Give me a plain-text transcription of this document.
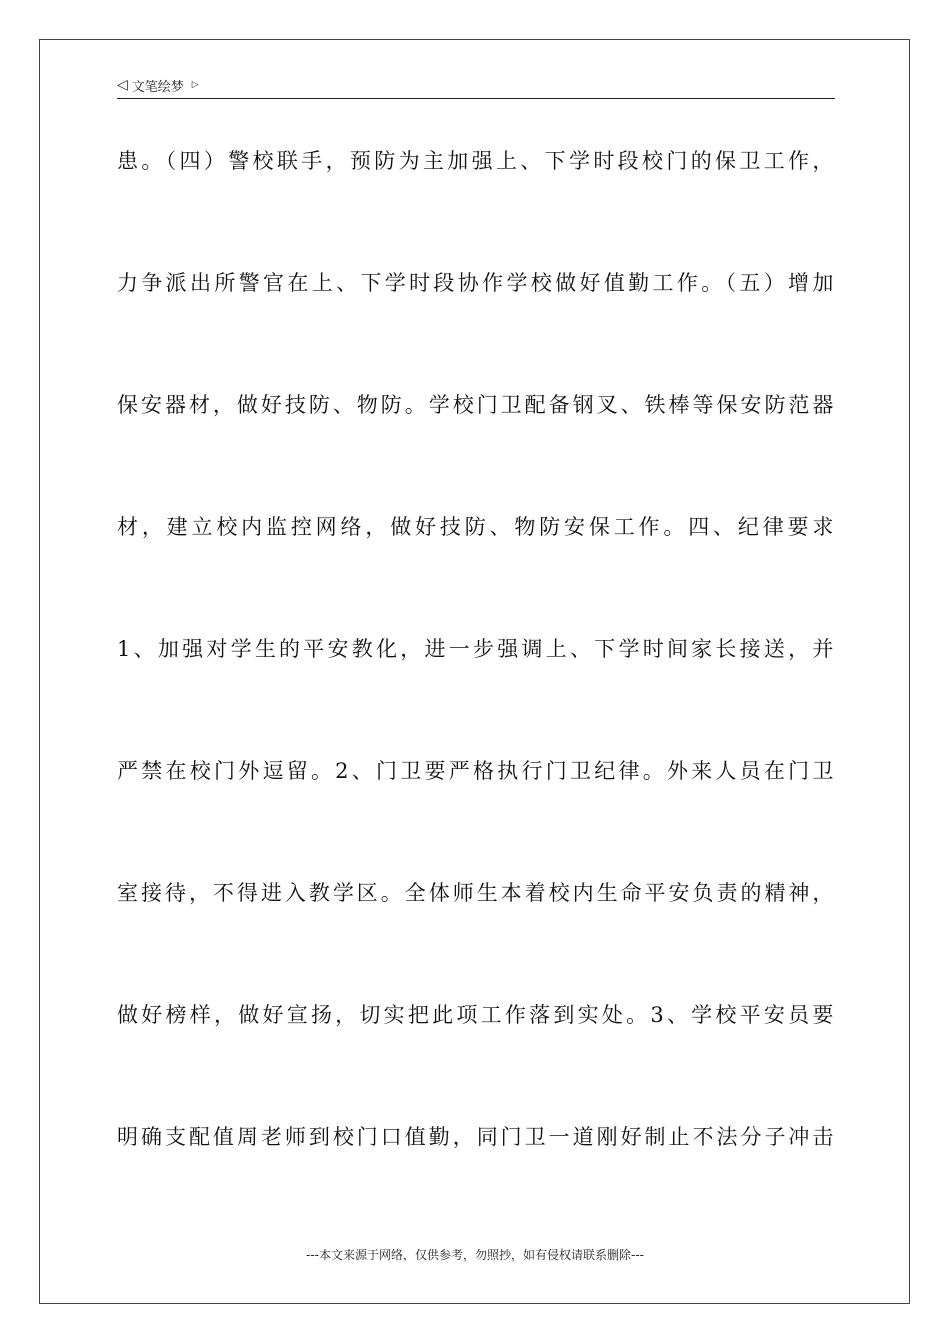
◁ 文笔绘梦 ▷
患。（四）警校联手，预防为主加强上、下学时段校门的保卫工作，
力争派出所警官在上、下学时段协作学校做好值勤工作。（五）增加
保安器材，做好技防、物防。学校门卫配备钢叉、铁棒等保安防范器
材，建立校内监控网络，做好技防、物防安保工作。四、纪律要求
1、加强对学生的平安教化，进一步强调上、下学时间家长接送，并
严禁在校门外逗留。2、门卫要严格执行门卫纪律。外来人员在门卫
室接待，不得进入教学区。全体师生本着校内生命平安负责的精神，
做好榜样，做好宣扬，切实把此项工作落到实处。3、学校平安员要
明确支配值周老师到校门口值勤，同门卫一道刚好制止不法分子冲击
---本文来源于网络，仅供参考，勿照抄，如有侵权请联系删除---
